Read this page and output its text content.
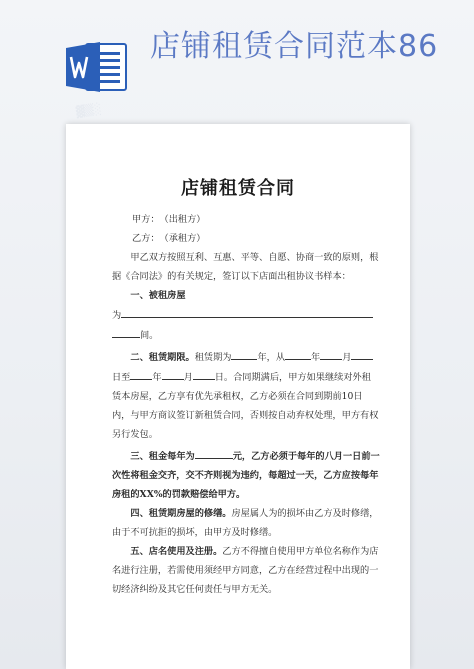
店铺租赁合同范本86
▓▒░
店铺租赁合同

甲方：　（出租方）

乙方：　（承租方）

甲乙双方按照互利、互惠、平等、自愿、协商一致的原则，根据《合同法》的有关规定，签订以下店面出租协议书样本：

一、被租房屋

为

间。

二、租赁期限。租赁期为	年，从	年 月日至 年 月 日。合同期满后，甲方如果继续对外租赁本房屋，乙方享有优先承租权，乙方必须在合同到期前10日内，与甲方商议签订新租赁合同，否则按自动弃权处理，甲方有权另行发包。

三、租金每年为	元，乙方必须于每年的八月一日前一次性将租金交齐，交不齐则视为违约，每超过一天，乙方应按每年房租的XX%的罚款赔偿给甲方。

四、租赁期房屋的修缮。房屋属人为的损坏由乙方及时修缮，由于不可抗拒的损坏，由甲方及时修缮。

五、店名使用及注册。乙方不得擅自使用甲方单位名称作为店名进行注册，若需使用须经甲方同意，乙方在经营过程中出现的一切经济纠纷及其它任何责任与甲方无关。
